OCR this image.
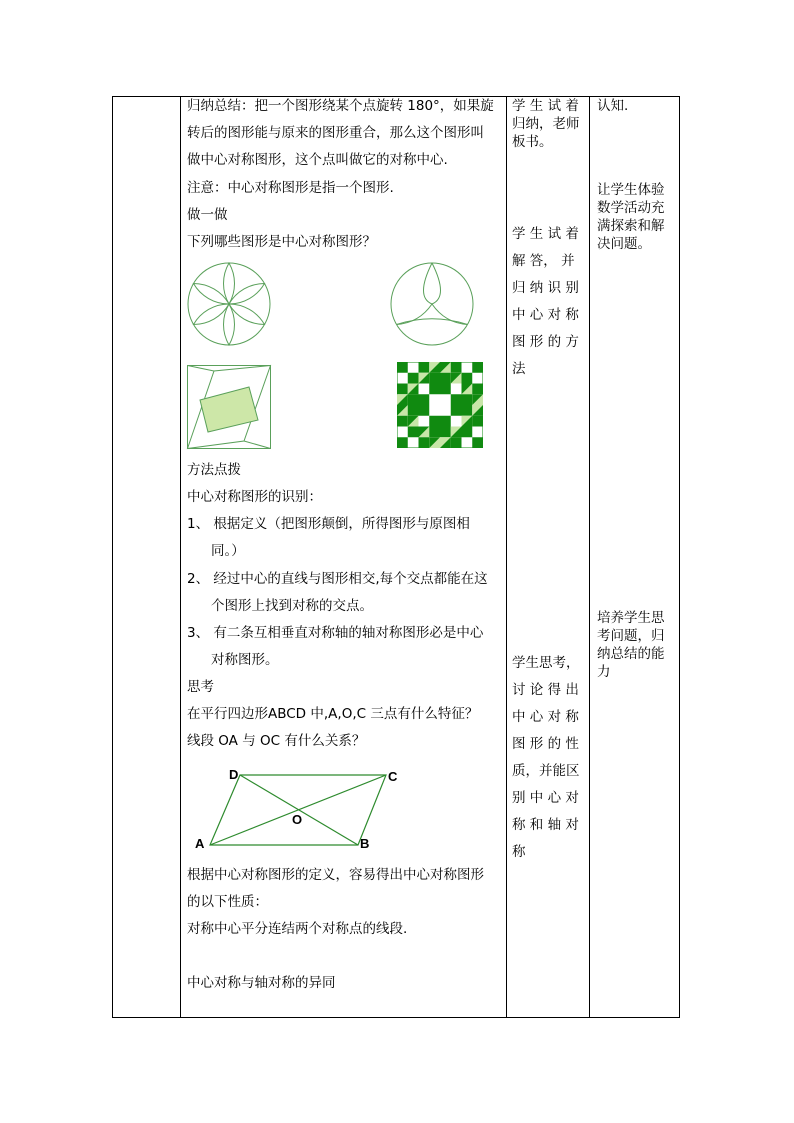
归纳总结：把一个图形绕某个点旋转 180°，如果旋
转后的图形能与原来的图形重合，那么这个图形叫
做中心对称图形，这个点叫做它的对称中心.
注意：中心对称图形是指一个图形.
做一做
下列哪些图形是中心对称图形？
方法点拨
中心对称图形的识别：
1、 根据定义（把图形颠倒，所得图形与原图相
同。）
2、 经过中心的直线与图形相交,每个交点都能在这
个图形上找到对称的交点。
3、 有二条互相垂直对称轴的轴对称图形必是中心
对称图形。
思考
在平行四边形ABCD 中,A,O,C 三点有什么特征？
线段 OA 与 OC 有什么关系？
A	B
C
D
O
根据中心对称图形的定义，容易得出中心对称图形
的以下性质：
对称中心平分连结两个对称点的线段.
中心对称与轴对称的异同
学 生 试 着
归纳，老师
板书。
学 生 试 着
解 答， 并
归 纳 识 别
中 心 对 称
图 形 的 方
法
学生思考，
讨 论 得 出
中 心 对 称
图 形 的 性
质，并能区
别 中 心 对
称 和 轴 对
称
认知.
让学生体验
数学活动充
满探索和解
决问题。
培养学生思
考问题，归
纳总结的能
力
